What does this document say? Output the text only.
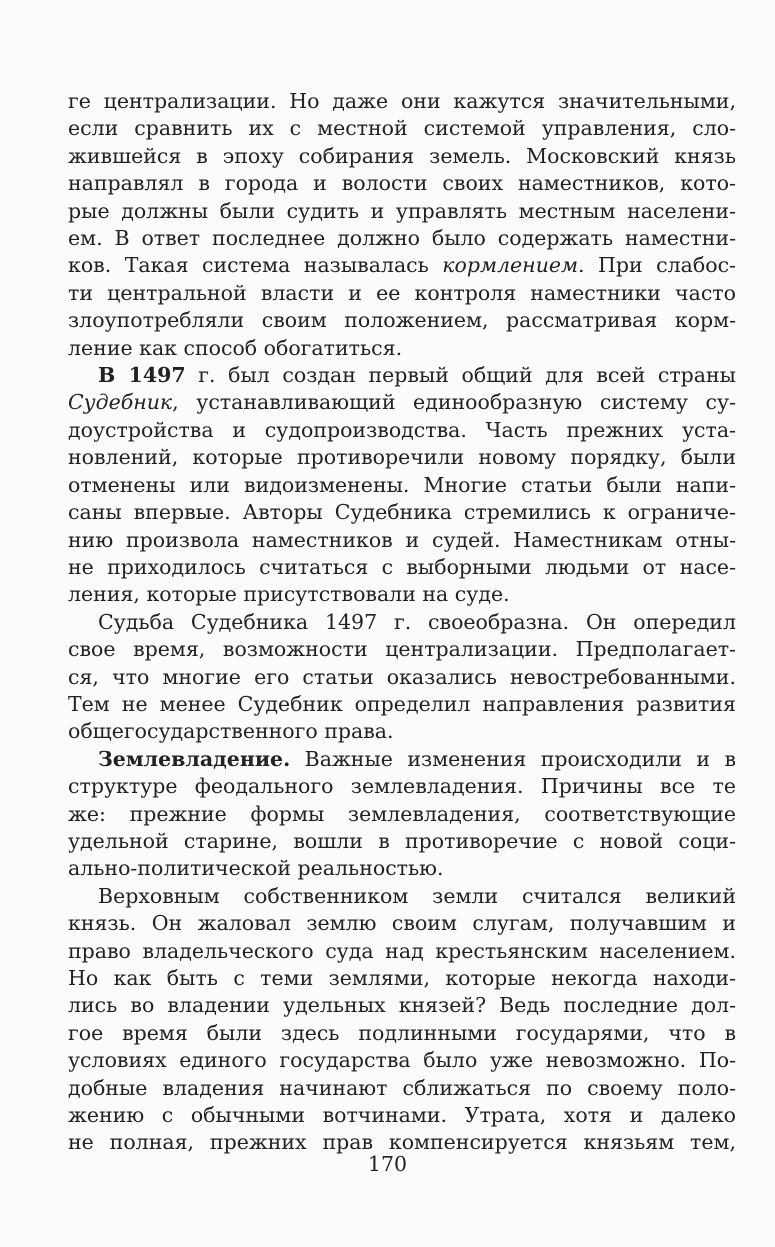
ге централизации. Но даже они кажутся значительными,
если сравнить их с местной системой управления, сло-
жившейся в эпоху собирания земель. Московский князь
направлял в города и волости своих наместников, кото-
рые должны были судить и управлять местным населени-
ем. В ответ последнее должно было содержать наместни-
ков. Такая система называлась кормлением. При слабос-
ти центральной власти и ее контроля наместники часто
злоупотребляли своим положением, рассматривая корм-
ление как способ обогатиться.
В 1497 г. был создан первый общий для всей страны
Судебник, устанавливающий единообразную систему су-
доустройства и судопроизводства. Часть прежних уста-
новлений, которые противоречили новому порядку, были
отменены или видоизменены. Многие статьи были напи-
саны впервые. Авторы Судебника стремились к ограниче-
нию произвола наместников и судей. Наместникам отны-
не приходилось считаться с выборными людьми от насе-
ления, которые присутствовали на суде.
Судьба Судебника 1497 г. своеобразна. Он опередил
свое время, возможности централизации. Предполагает-
ся, что многие его статьи оказались невостребованными.
Тем не менее Судебник определил направления развития
общегосударственного права.
Землевладение. Важные изменения происходили и в
структуре феодального землевладения. Причины все те
же: прежние формы землевладения, соответствующие
удельной старине, вошли в противоречие с новой соци-
ально-политической реальностью.
Верховным собственником земли считался великий
князь. Он жаловал землю своим слугам, получавшим и
право владельческого суда над крестьянским населением.
Но как быть с теми землями, которые некогда находи-
лись во владении удельных князей? Ведь последние дол-
гое время были здесь подлинными государями, что в
условиях единого государства было уже невозможно. По-
добные владения начинают сближаться по своему поло-
жению с обычными вотчинами. Утрата, хотя и далеко
не полная, прежних прав компенсируется князьям тем,
170
